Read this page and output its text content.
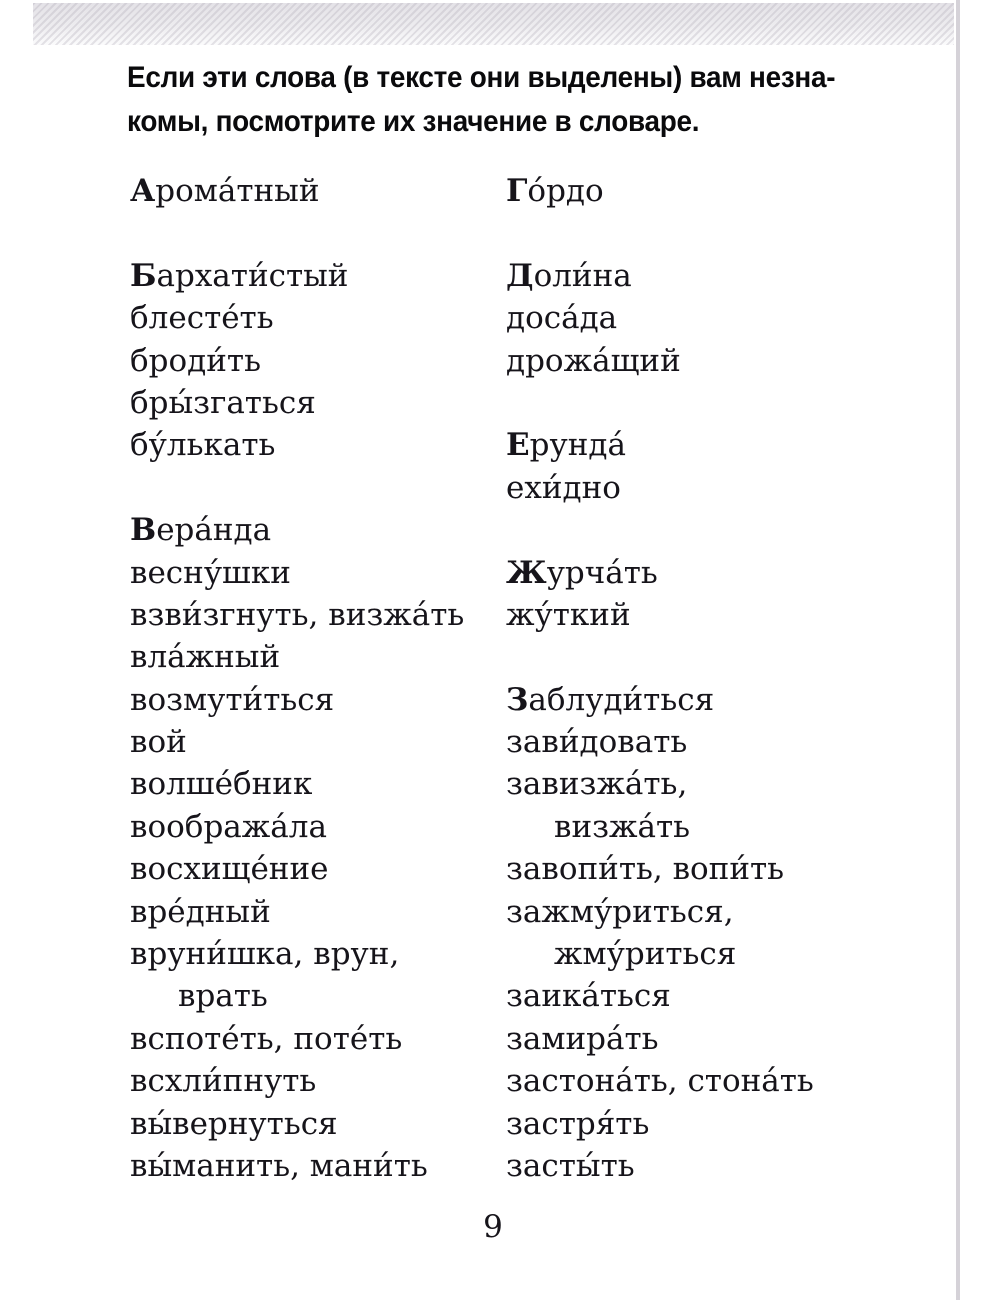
Если эти слова (в тексте они выделены) вам незна-
комы, посмотрите их значение в словаре.
Арома́тный
Бархати́стый
блесте́ть
броди́ть
бры́згаться
бу́лькать
Вера́нда
весну́шки
взви́згнуть, визжа́ть
вла́жный
возмути́ться
вой
волше́бник
вообража́ла
восхище́ние
вре́дный
вруни́шка, врун,
врать
вспоте́ть, поте́ть
всхли́пнуть
вы́вернуться
вы́манить, мани́ть
Го́рдо
Доли́на
доса́да
дрожа́щий
Ерунда́
ехи́дно
Журча́ть
жу́ткий
Заблуди́ться
зави́довать
завизжа́ть,
визжа́ть
завопи́ть, вопи́ть
зажму́риться,
жму́риться
заика́ться
замира́ть
застона́ть, стона́ть
застря́ть
засты́ть
9
